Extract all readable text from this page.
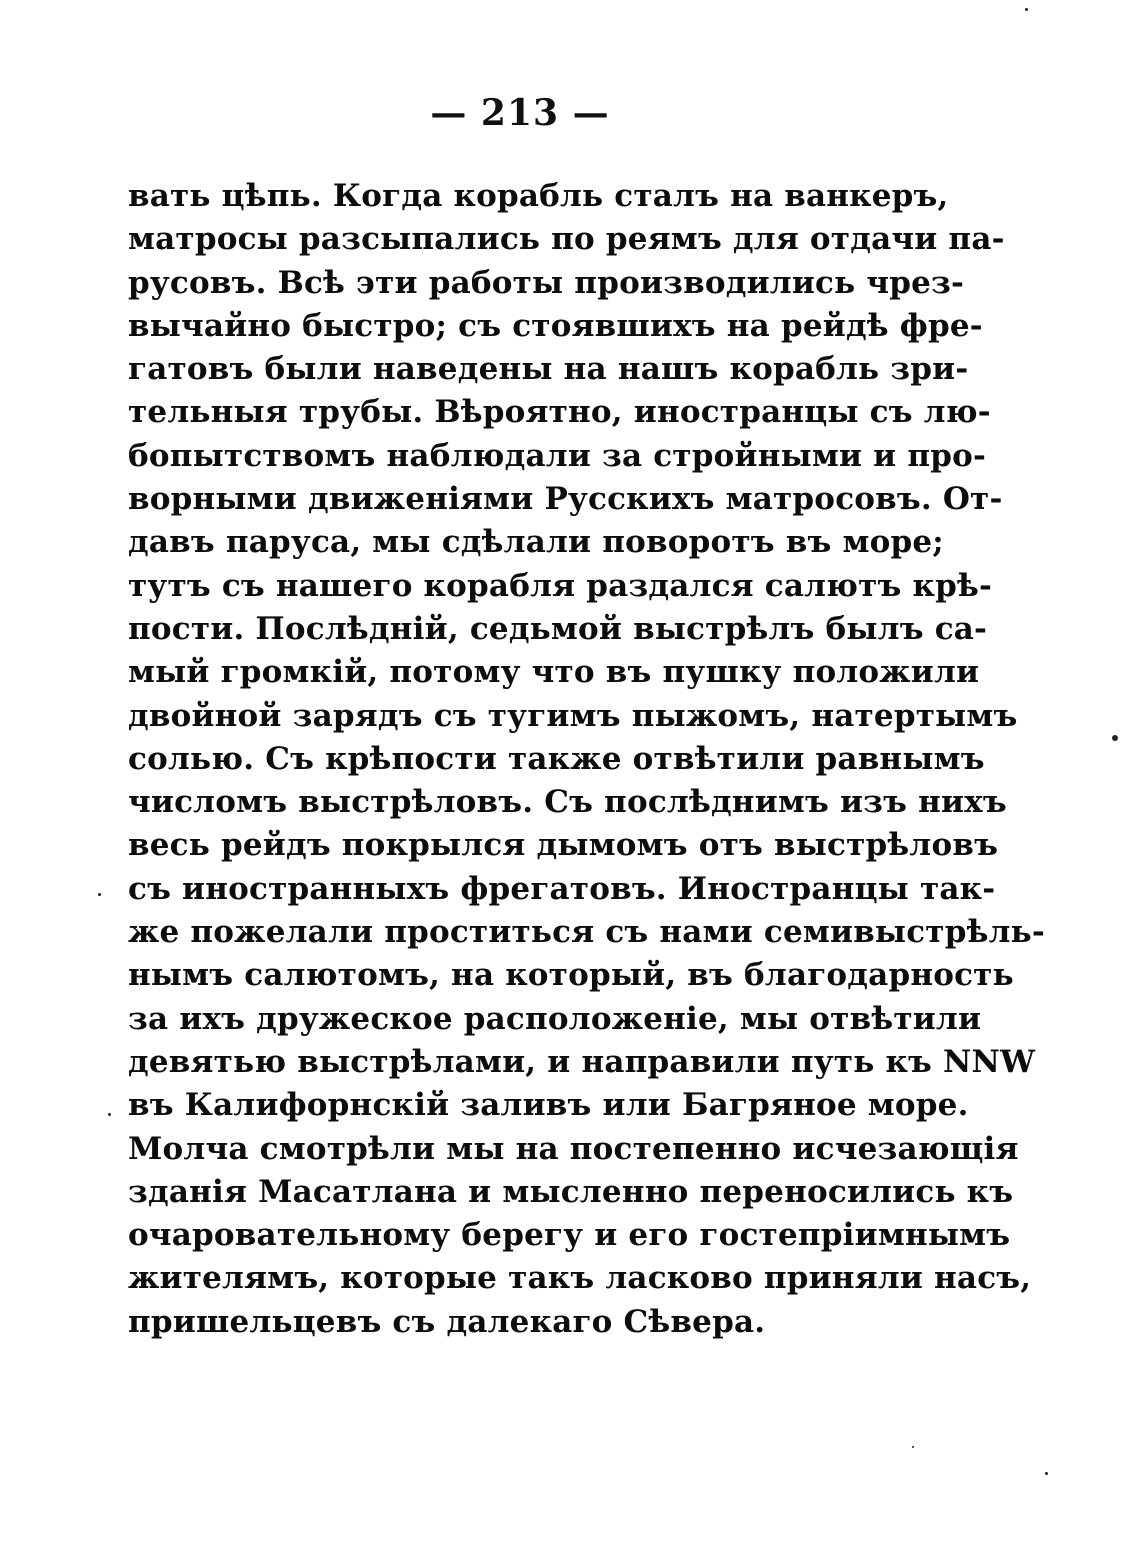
— 213 —
вать цѣпь. Когда корабль сталъ на ванкеръ,
матросы разсыпались по реямъ для отдачи па-
русовъ. Всѣ эти работы производились чрез-
вычайно быстро; съ стоявшихъ на рейдѣ фре-
гатовъ были наведены на нашъ корабль зри-
тельныя трубы. Вѣроятно, иностранцы съ лю-
бопытствомъ наблюдали за стройными и про-
ворными движеніями Русскихъ матросовъ. От-
давъ паруса, мы сдѣлали поворотъ въ море;
тутъ съ нашего корабля раздался салютъ крѣ-
пости. Послѣдній, седьмой выстрѣлъ былъ са-
мый громкій, потому что въ пушку положили
двойной зарядъ съ тугимъ пыжомъ, натертымъ
солью. Съ крѣпости также отвѣтили равнымъ
числомъ выстрѣловъ. Съ послѣднимъ изъ нихъ
весь рейдъ покрылся дымомъ отъ выстрѣловъ
съ иностранныхъ фрегатовъ. Иностранцы так-
же пожелали проститься съ нами семивыстрѣль-
нымъ салютомъ, на который, въ благодарность
за ихъ дружеское расположеніе, мы отвѣтили
девятью выстрѣлами, и направили путь къ NNW
въ Калифорнскій заливъ или Багряное море.
Молча смотрѣли мы на постепенно исчезающія
зданія Масатлана и мысленно переносились къ
очаровательному берегу и его гостепріимнымъ
жителямъ, которые такъ ласково приняли насъ,
пришельцевъ съ далекаго Сѣвера.
